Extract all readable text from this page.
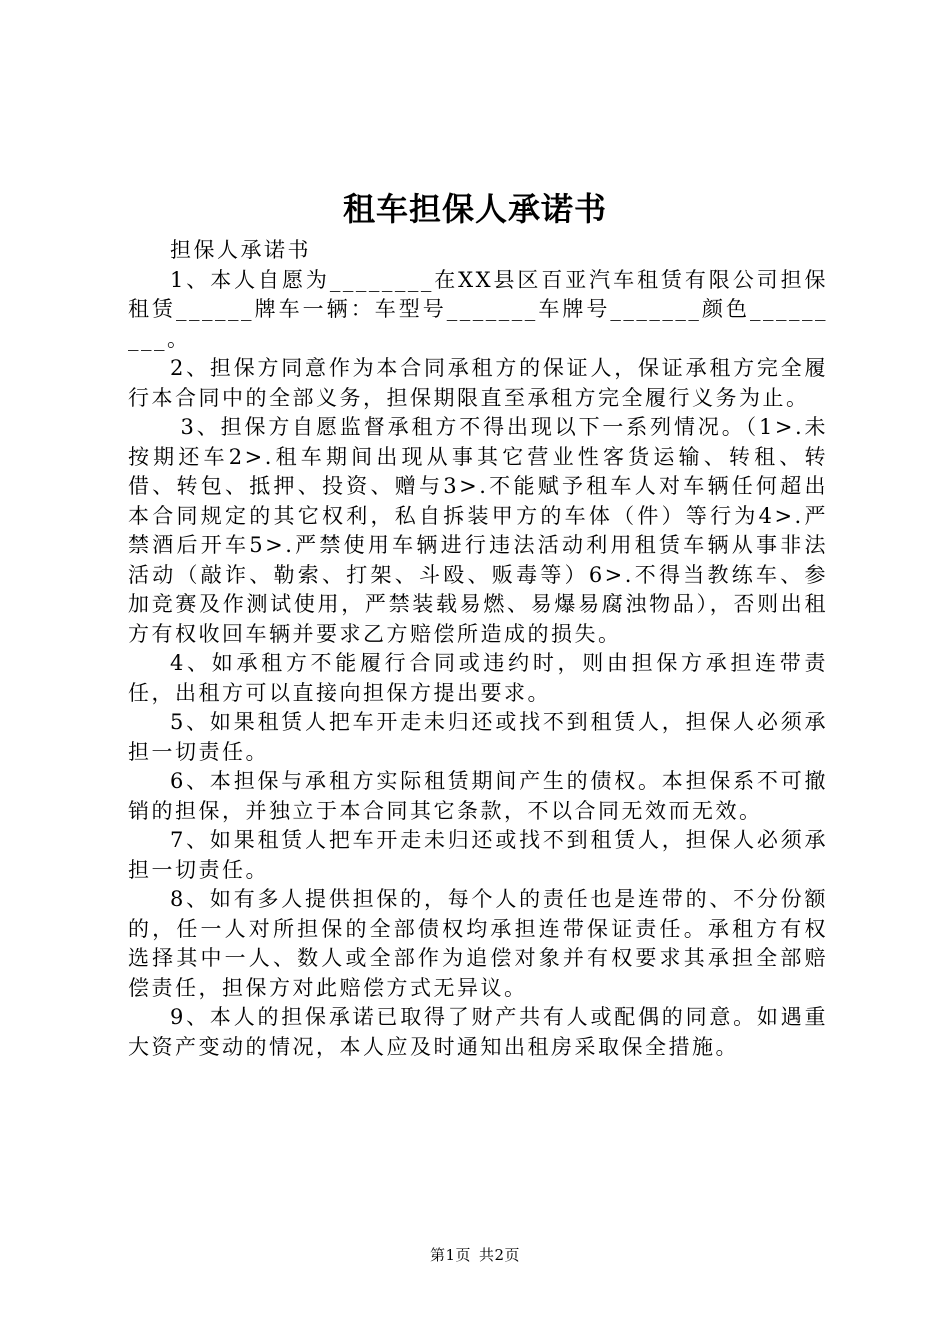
租车担保人承诺书

担保人承诺书

1、本人自愿为________在XX县区百亚汽车租赁有限公司担保租赁______牌车一辆：车型号_______车牌号_______颜色_________。

2、担保方同意作为本合同承租方的保证人，保证承租方完全履行本合同中的全部义务，担保期限直至承租方完全履行义务为止。

3、担保方自愿监督承租方不得出现以下一系列情况。（1>.未按期还车2>.租车期间出现从事其它营业性客货运输、转租、转借、转包、抵押、投资、赠与3>.不能赋予租车人对车辆任何超出本合同规定的其它权利，私自拆装甲方的车体（件）等行为4>.严禁酒后开车5>.严禁使用车辆进行违法活动利用租赁车辆从事非法活动（敲诈、勒索、打架、斗殴、贩毒等）6>.不得当教练车、参加竞赛及作测试使用，严禁装载易燃、易爆易腐浊物品），否则出租方有权收回车辆并要求乙方赔偿所造成的损失。

4、如承租方不能履行合同或违约时，则由担保方承担连带责任，出租方可以直接向担保方提出要求。

5、如果租赁人把车开走未归还或找不到租赁人，担保人必须承担一切责任。

6、本担保与承租方实际租赁期间产生的债权。本担保系不可撤销的担保，并独立于本合同其它条款，不以合同无效而无效。

7、如果租赁人把车开走未归还或找不到租赁人，担保人必须承担一切责任。

8、如有多人提供担保的，每个人的责任也是连带的、不分份额的，任一人对所担保的全部债权均承担连带保证责任。承租方有权选择其中一人、数人或全部作为追偿对象并有权要求其承担全部赔偿责任，担保方对此赔偿方式无异议。

9、本人的担保承诺已取得了财产共有人或配偶的同意。如遇重大资产变动的情况，本人应及时通知出租房采取保全措施。

第1页 共2页
